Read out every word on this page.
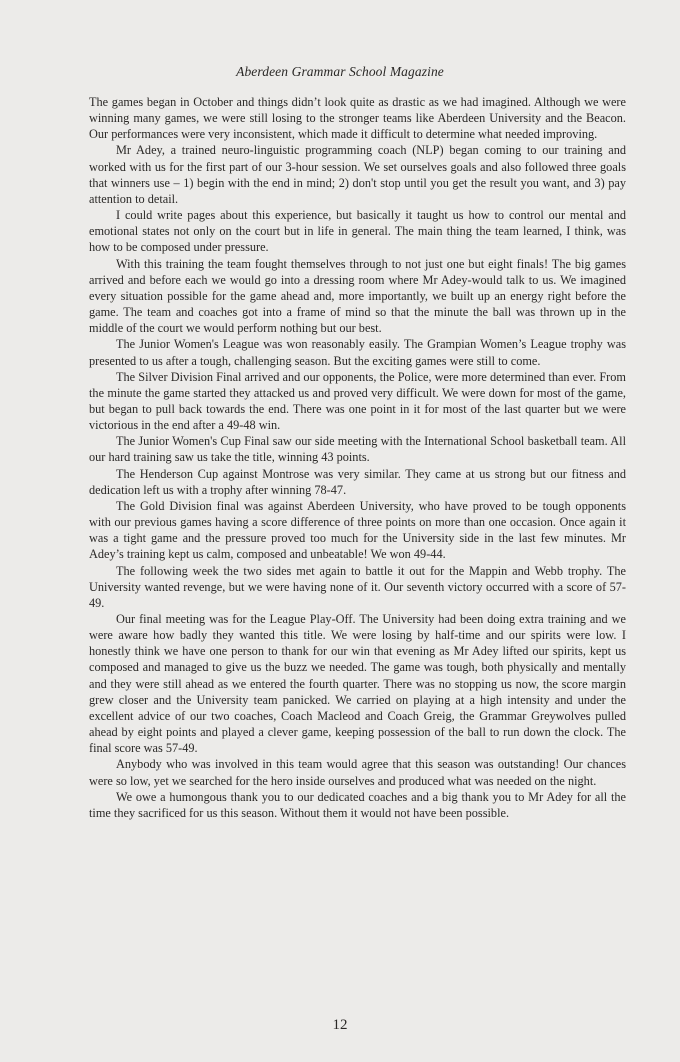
Aberdeen Grammar School Magazine

The games began in October and things didn’t look quite as drastic as we had imagined. Although we were winning many games, we were still losing to the stronger teams like Aberdeen University and the Beacon. Our performances were very inconsistent, which made it difficult to determine what needed improving.

Mr Adey, a trained neuro-linguistic programming coach (NLP) began coming to our training and worked with us for the first part of our 3-hour session. We set ourselves goals and also followed three goals that winners use – 1) begin with the end in mind; 2) don't stop until you get the result you want, and 3) pay attention to detail.

I could write pages about this experience, but basically it taught us how to control our mental and emotional states not only on the court but in life in general. The main thing the team learned, I think, was how to be composed under pressure.

With this training the team fought themselves through to not just one but eight finals! The big games arrived and before each we would go into a dressing room where Mr Adey-would talk to us. We imagined every situation possible for the game ahead and, more importantly, we built up an energy right before the game. The team and coaches got into a frame of mind so that the minute the ball was thrown up in the middle of the court we would perform nothing but our best.

The Junior Women's League was won reasonably easily. The Grampian Women’s League trophy was presented to us after a tough, challenging season. But the exciting games were still to come.

The Silver Division Final arrived and our opponents, the Police, were more determined than ever. From the minute the game started they attacked us and proved very difficult. We were down for most of the game, but began to pull back towards the end. There was one point in it for most of the last quarter but we were victorious in the end after a 49-48 win.

The Junior Women's Cup Final saw our side meeting with the International School basketball team. All our hard training saw us take the title, winning 43 points.

The Henderson Cup against Montrose was very similar. They came at us strong but our fitness and dedication left us with a trophy after winning 78-47.

The Gold Division final was against Aberdeen University, who have proved to be tough opponents with our previous games having a score difference of three points on more than one occasion. Once again it was a tight game and the pressure proved too much for the University side in the last few minutes. Mr Adey’s training kept us calm, composed and unbeatable! We won 49-44.

The following week the two sides met again to battle it out for the Mappin and Webb trophy. The University wanted revenge, but we were having none of it. Our seventh victory occurred with a score of 57-49.

Our final meeting was for the League Play-Off. The University had been doing extra training and we were aware how badly they wanted this title. We were losing by half-time and our spirits were low. I honestly think we have one person to thank for our win that evening as Mr Adey lifted our spirits, kept us composed and managed to give us the buzz we needed. The game was tough, both physically and mentally and they were still ahead as we entered the fourth quarter. There was no stopping us now, the score margin grew closer and the University team panicked. We carried on playing at a high intensity and under the excellent advice of our two coaches, Coach Macleod and Coach Greig, the Grammar Greywolves pulled ahead by eight points and played a clever game, keeping possession of the ball to run down the clock. The final score was 57-49.

Anybody who was involved in this team would agree that this season was outstanding! Our chances were so low, yet we searched for the hero inside ourselves and produced what was needed on the night.

We owe a humongous thank you to our dedicated coaches and a big thank you to Mr Adey for all the time they sacrificed for us this season. Without them it would not have been possible.

12
